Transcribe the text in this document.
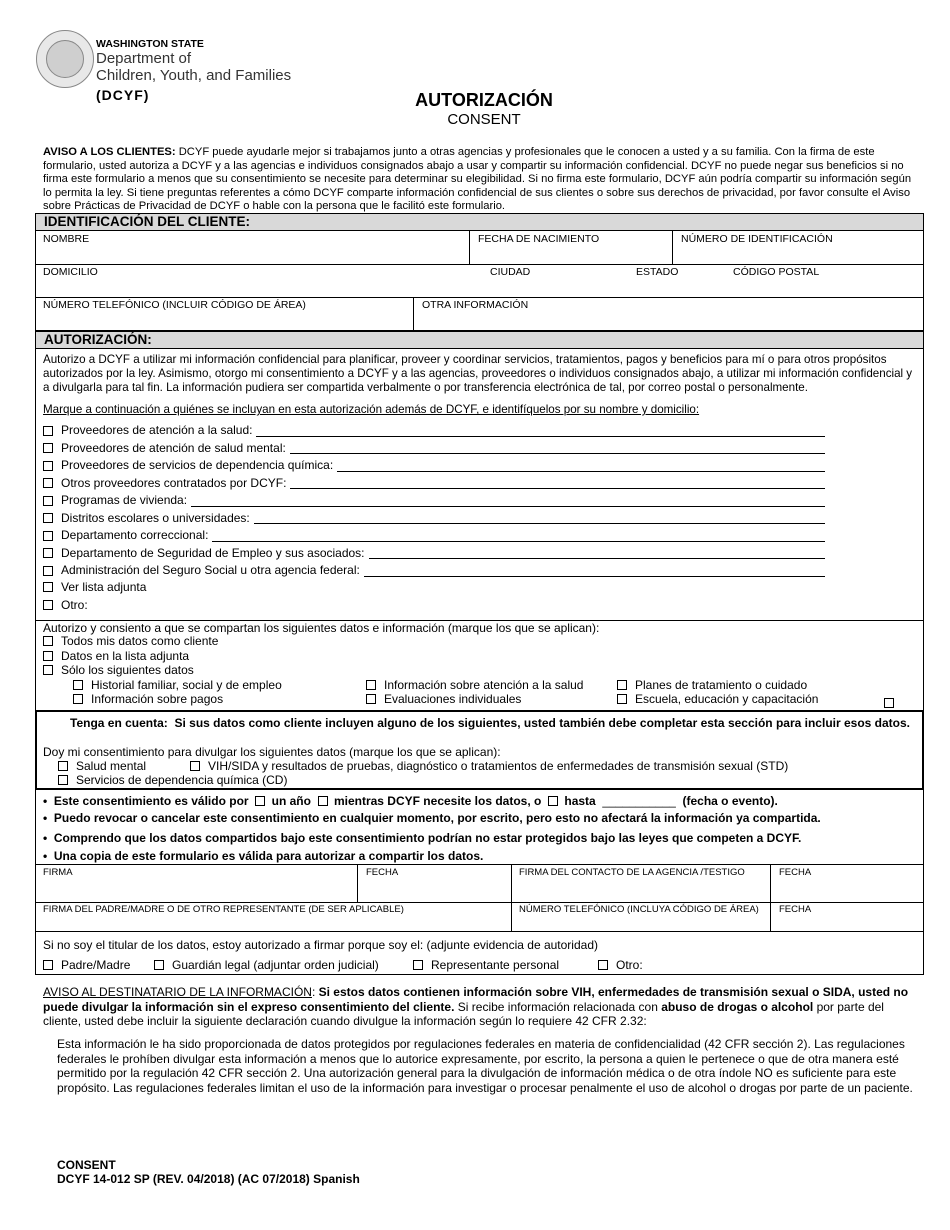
WASHINGTON STATE
Department of
Children, Youth, and Families
(DCYF)	AUTORIZACIÓN
CONSENT
AVISO A LOS CLIENTES: DCYF puede ayudarle mejor si trabajamos junto a otras agencias y profesionales que le conocen a usted y a su familia. Con la firma de este formulario, usted autoriza a DCYF y a las agencias e individuos consignados abajo a usar y compartir su información confidencial. DCYF no puede negar sus beneficios si no firma este formulario a menos que su consentimiento se necesite para determinar su elegibilidad. Si no firma este formulario, DCYF aún podría compartir su información según lo permita la ley. Si tiene preguntas referentes a cómo DCYF comparte información confidencial de sus clientes o sobre sus derechos de privacidad, por favor consulte el Aviso sobre Prácticas de Privacidad de DCYF o hable con la persona que le facilitó este formulario.
IDENTIFICACIÓN DEL CLIENTE:
NOMBRE	FECHA DE NACIMIENTO	NÚMERO DE IDENTIFICACIÓN
DOMICILIO	CIUDAD	ESTADO	CÓDIGO POSTAL
NÚMERO TELEFÓNICO (INCLUIR CÓDIGO DE ÁREA)	OTRA INFORMACIÓN
AUTORIZACIÓN:
Autorizo a DCYF a utilizar mi información confidencial para planificar, proveer y coordinar servicios, tratamientos, pagos y beneficios para mí o para otros propósitos autorizados por la ley. Asimismo, otorgo mi consentimiento a DCYF y a las agencias, proveedores o individuos consignados abajo, a utilizar mi información confidencial y a divulgarla para tal fin. La información pudiera ser compartida verbalmente o por transferencia electrónica de tal, por correo postal o personalmente.
Marque a continuación a quiénes se incluyan en esta autorización además de DCYF, e identifíquelos por su nombre y domicilio:
Proveedores de atención a la salud:
Proveedores de atención de salud mental:
Proveedores de servicios de dependencia química:
Otros proveedores contratados por DCYF:
Programas de vivienda:
Distritos escolares o universidades:
Departamento correccional:
Departamento de Seguridad de Empleo y sus asociados:
Administración del Seguro Social u otra agencia federal:
Ver lista adjunta
Otro:
Autorizo y consiento a que se compartan los siguientes datos e información (marque los que se aplican):
Todos mis datos como cliente
Datos en la lista adjunta
Sólo los siguientes datos
Historial familiar, social y de empleo	Información sobre atención a la salud	Planes de tratamiento o cuidado
Información sobre pagos	Evaluaciones individuales	Escuela, educación y capacitación
Tenga en cuenta: Si sus datos como cliente incluyen alguno de los siguientes, usted también debe completar esta sección para incluir esos datos.
Doy mi consentimiento para divulgar los siguientes datos (marque los que se aplican):
Salud mental	VIH/SIDA y resultados de pruebas, diagnóstico o tratamientos de enfermedades de transmisión sexual (STD)
Servicios de dependencia química (CD)
•  Este consentimiento es válido por un año mientras DCYF necesite los datos, o hasta ___________ (fecha o evento).
•  Puedo revocar o cancelar este consentimiento en cualquier momento, por escrito, pero esto no afectará la información ya compartida.
•  Comprendo que los datos compartidos bajo este consentimiento podrían no estar protegidos bajo las leyes que competen a DCYF.
•  Una copia de este formulario es válida para autorizar a compartir los datos.
FIRMA	FECHA	FIRMA DEL CONTACTO DE LA AGENCIA /TESTIGO	FECHA
FIRMA DEL PADRE/MADRE O DE OTRO REPRESENTANTE (DE SER APLICABLE)	NÚMERO TELEFÓNICO (INCLUYA CÓDIGO DE ÁREA) FECHA
Si no soy el titular de los datos, estoy autorizado a firmar porque soy el: (adjunte evidencia de autoridad)
Padre/Madre	Guardián legal (adjuntar orden judicial)	Representante personal	Otro:
AVISO AL DESTINATARIO DE LA INFORMACIÓN: Si estos datos contienen información sobre VIH, enfermedades de transmisión sexual o SIDA, usted no puede divulgar la información sin el expreso consentimiento del cliente. Si recibe información relacionada con abuso de drogas o alcohol por parte del cliente, usted debe incluir la siguiente declaración cuando divulgue la información según lo requiere 42 CFR 2.32:
Esta información le ha sido proporcionada de datos protegidos por regulaciones federales en materia de confidencialidad (42 CFR sección 2). Las regulaciones federales le prohíben divulgar esta información a menos que lo autorice expresamente, por escrito, la persona a quien le pertenece o que de otra manera esté permitido por la regulación 42 CFR sección 2. Una autorización general para la divulgación de información médica o de otra índole NO es suficiente para este propósito. Las regulaciones federales limitan el uso de la información para investigar o procesar penalmente el uso de alcohol o drogas por parte de un paciente.
CONSENT
DCYF 14-012 SP (REV. 04/2018) (AC 07/2018) Spanish
